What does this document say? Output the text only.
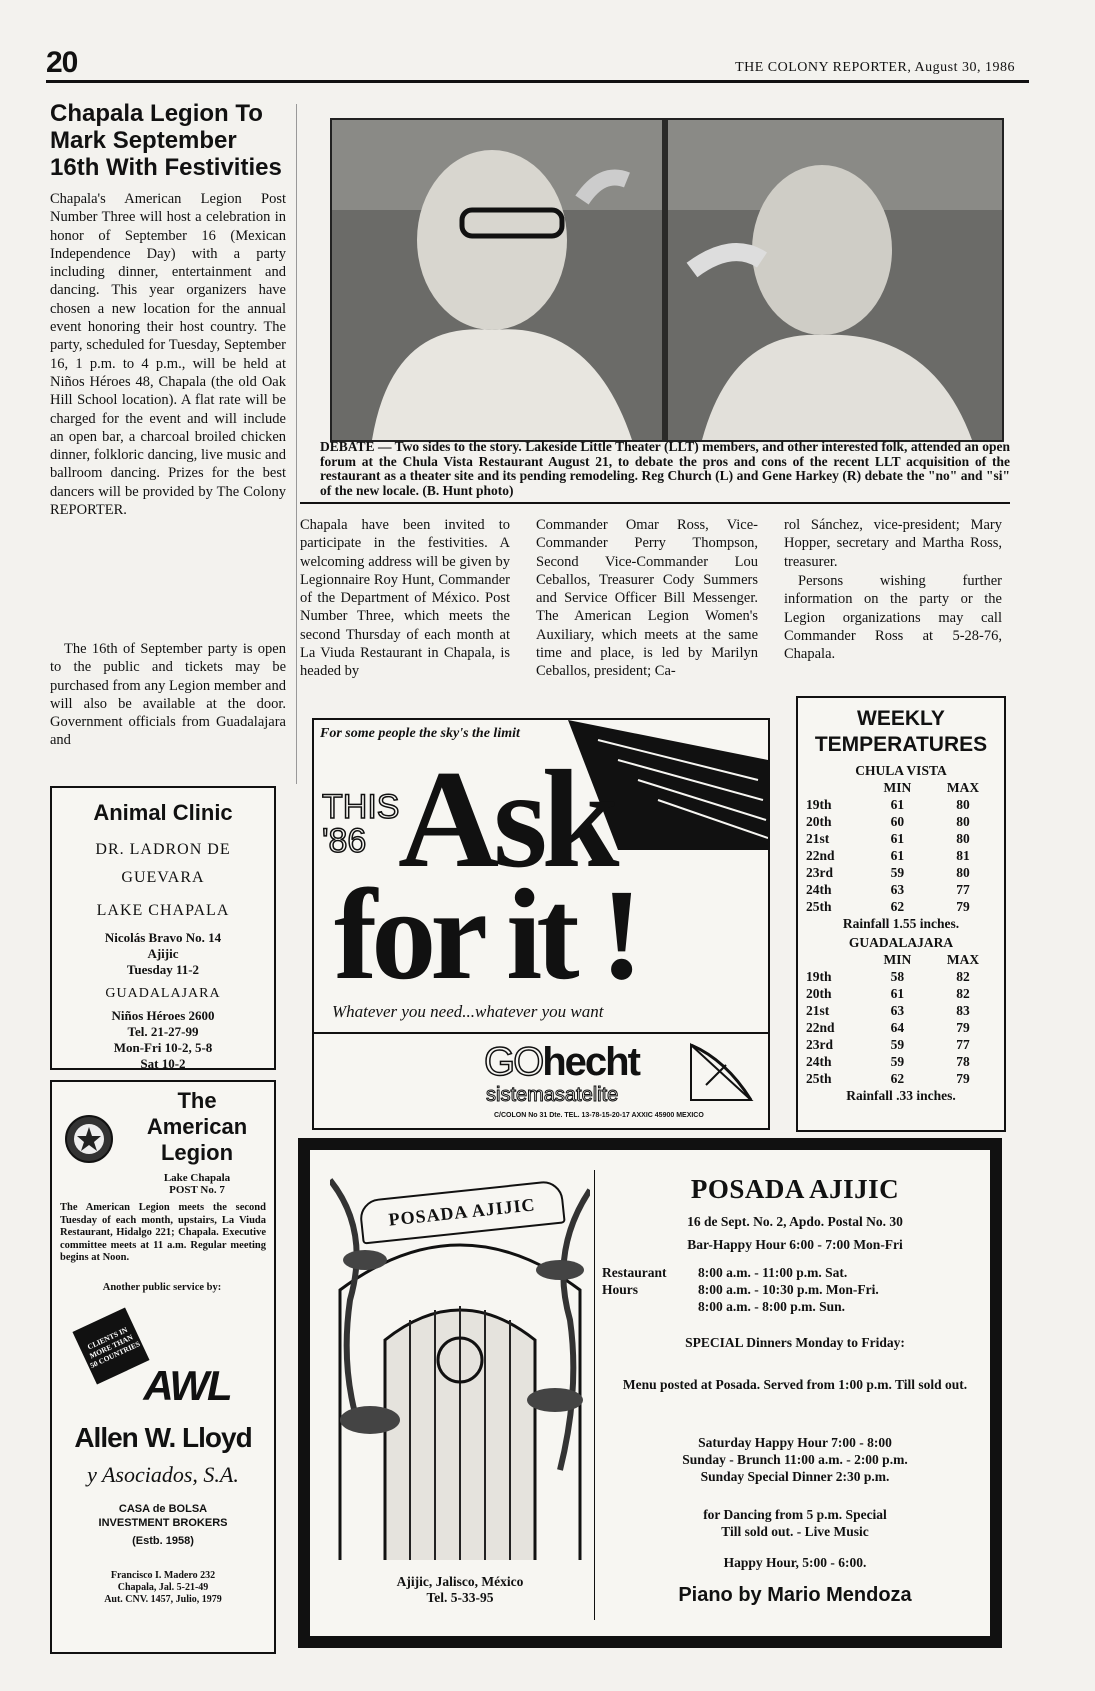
20	THE COLONY REPORTER, August 30, 1986
Chapala Legion To Mark September 16th With Festivities
Chapala's American Legion Post Number Three will host a celebration in honor of September 16 (Mexican Independence Day) with a party including dinner, entertainment and dancing. This year organizers have chosen a new location for the annual event honoring their host country. The party, scheduled for Tuesday, September 16, 1 p.m. to 4 p.m., will be held at Niños Héroes 48, Chapala (the old Oak Hill School location). A flat rate will be charged for the event and will include an open bar, a charcoal broiled chicken dinner, folkloric dancing, live music and ballroom dancing. Prizes for the best dancers will be provided by The Colony REPORTER.
The 16th of September party is open to the public and tickets may be purchased from any Legion member and will also be available at the door. Government officials from Guadalajara and
DEBATE — Two sides to the story. Lakeside Little Theater (LLT) members, and other interested folk, attended an open forum at the Chula Vista Restaurant August 21, to debate the pros and cons of the recent LLT acquisition of the restaurant as a theater site and its pending remodeling. Reg Church (L) and Gene Harkey (R) debate the "no" and "si" of the new locale. (B. Hunt photo)
Chapala have been invited to participate in the festivities. A welcoming address will be given by Legionnaire Roy Hunt, Commander of the Department of México. Post Number Three, which meets the second Thursday of each month at La Viuda Restaurant in Chapala, is headed by
Commander Omar Ross, Vice-Commander Perry Thompson, Second Vice-Commander Lou Ceballos, Treasurer Cody Summers and Service Officer Bill Messenger. The American Legion Women's Auxiliary, which meets at the same time and place, is led by Marilyn Ceballos, president; Ca-
rol Sánchez, vice-president; Mary Hopper, secretary and Martha Ross, treasurer.
Persons wishing further information on the party or the Legion organizations may call Commander Ross at 5-28-76, Chapala.
Animal Clinic
DR. LADRON DE GUEVARA
LAKE CHAPALA
Nicolás Bravo No. 14
Ajijic
Tuesday 11-2
GUADALAJARA
Niños Héroes 2600
Tel. 21-27-99
Mon-Fri 10-2, 5-8
Sat 10-2
The
American
Legion
Lake Chapala
POST No. 7
The American Legion meets the second Tuesday of each month, upstairs, La Viuda Restaurant, Hidalgo 221; Chapala. Executive committee meets at 11 a.m. Regular meeting begins at Noon.
Another public service by:
CLIENTS IN MORE THAN 50 COUNTRIES
AWL
Allen W. Lloyd
y Asociados, S.A.
CASA de BOLSA
INVESTMENT BROKERS
(Estb. 1958)
Francisco I. Madero 232
Chapala, Jal. 5-21-49
Aut. CNV. 1457, Julio, 1979
For some people the sky's the limit
THIS
'86 Ask
for it !
Whatever you need...whatever you want
GOhecht
sistemasatelite
C/COLON No 31 Dte. TEL. 13-78-15-20-17 AXXIC 45900 MEXICO
WEEKLY TEMPERATURES
CHULA VISTA
	MIN	MAX
19th	61	80
20th	60	80
21st	61	80
22nd	61	81
23rd	59	80
24th	63	77
25th	62	79
Rainfall 1.55 inches.
GUADALAJARA
	MIN	MAX
19th	58	82
20th	61	82
21st	63	83
22nd	64	79
23rd	59	77
24th	59	78
25th	62	79
Rainfall .33 inches.
POSADA AJIJIC
Ajijic, Jalisco, México
Tel. 5-33-95
POSADA AJIJIC
16 de Sept. No. 2, Apdo. Postal No. 30
Bar-Happy Hour 6:00 - 7:00 Mon-Fri
Restaurant Hours
8:00 a.m. - 11:00 p.m. Sat.
8:00 a.m. - 10:30 p.m. Mon-Fri.
8:00 a.m. - 8:00 p.m. Sun.
SPECIAL Dinners Monday to Friday:
Menu posted at Posada. Served from 1:00 p.m. Till sold out.
Saturday Happy Hour 7:00 - 8:00
Sunday - Brunch 11:00 a.m. - 2:00 p.m.
Sunday Special Dinner 2:30 p.m.
for Dancing from 5 p.m. Special
Till sold out. - Live Music
Happy Hour, 5:00 - 6:00.
Piano by Mario Mendoza
